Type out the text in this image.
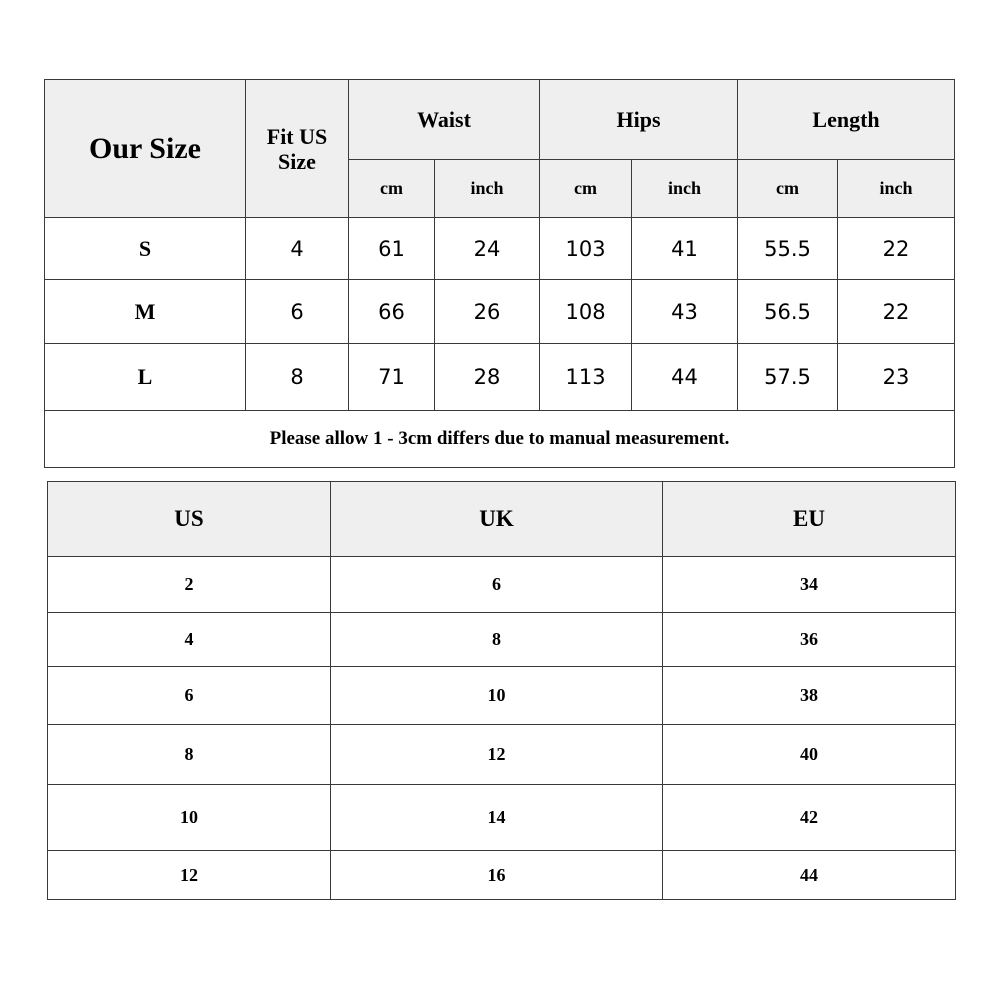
Our Size	Fit US Size	Waist		Hips		Length	
		cm	inch	cm	inch	cm	inch
S	4	61	24	103	41	55.5	22
M	6	66	26	108	43	56.5	22
L	8	71	28	113	44	57.5	23
Please allow 1 - 3cm differs due to manual measurement.							
US	UK	EU
2	6	34
4	8	36
6	10	38
8	12	40
10	14	42
12	16	44
